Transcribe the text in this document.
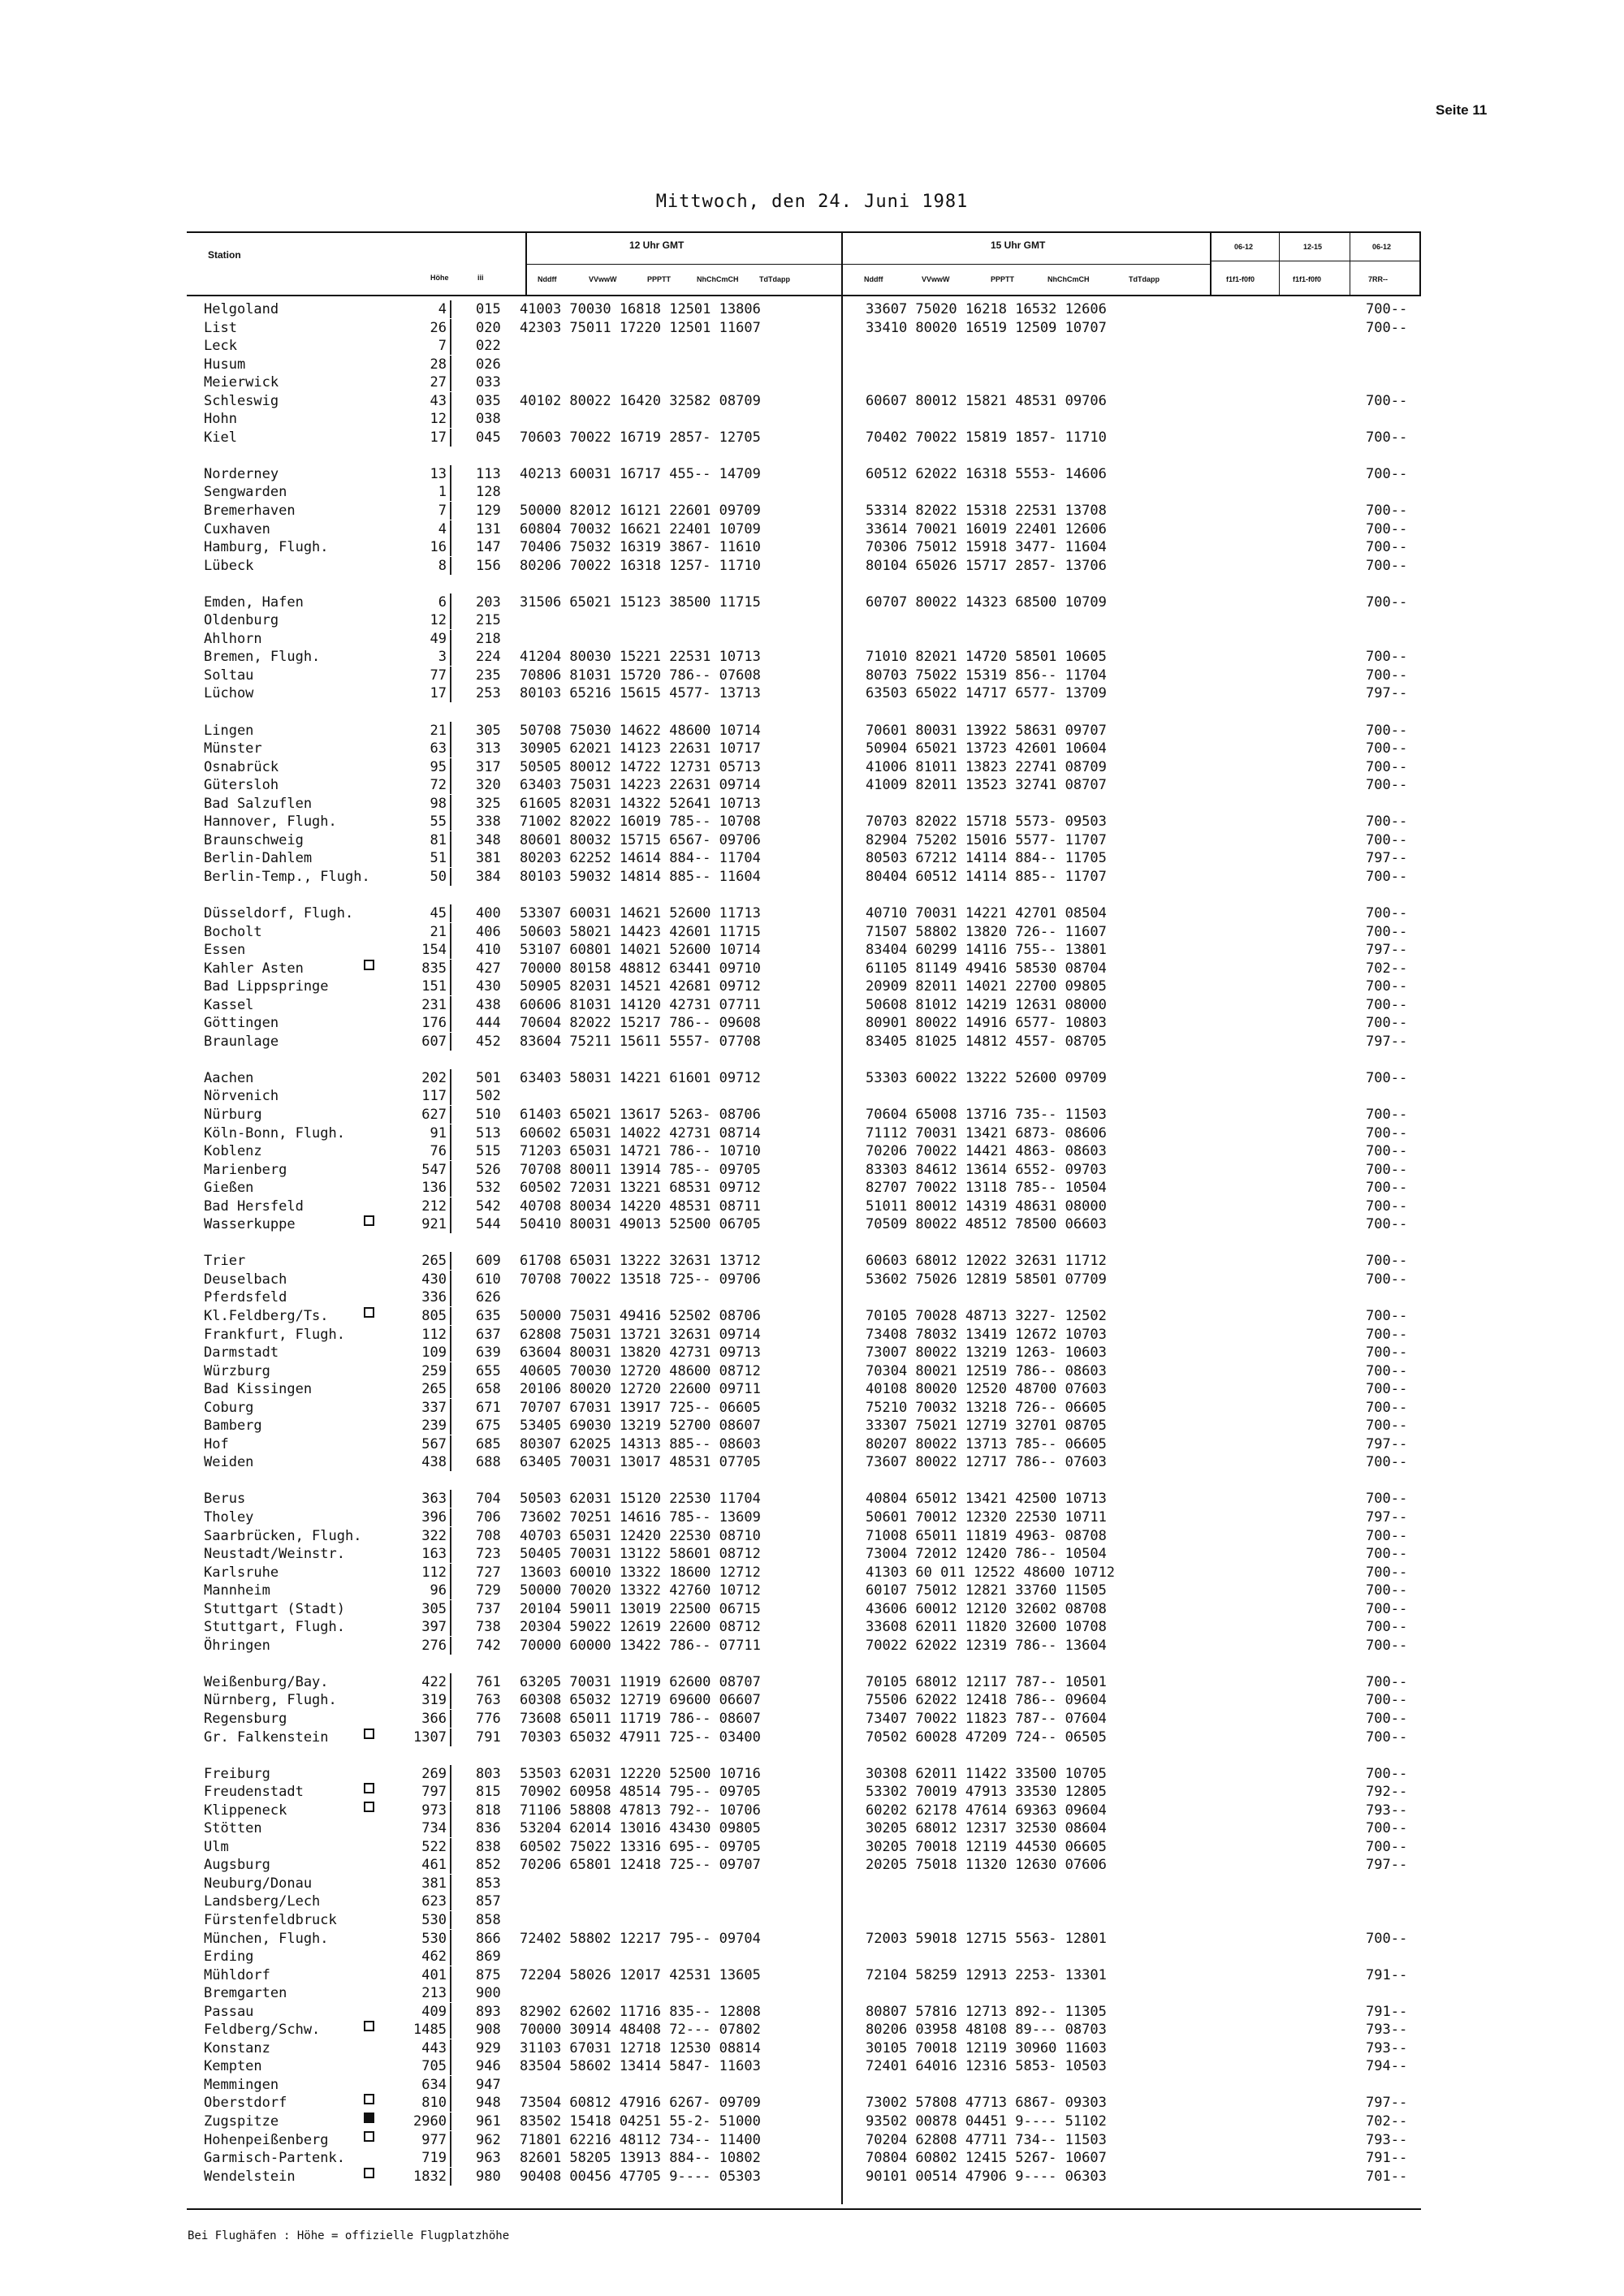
Seite 11
Mittwoch, den 24. Juni 1981
Station
Höhe	iii
12 Uhr GMT	15 Uhr GMT
Nddff	VVwwW	PPPTT	NhChCmCH	TdTdapp	Nddff	VVwwW	PPPTT	NhChCmCH	TdTdapp
06-12	12-15	06-12
f1f1-f0f0	f1f1-f0f0	7RR--
Helgoland	4 015 41003 70030 16818 12501 13806	33607 75020 16218 16532 12606	700--
List	26 020 42303 75011 17220 12501 11607	33410 80020 16519 12509 10707	700--
Leck	7 022
Husum	28 026
Meierwick	27 033
Schleswig	43 035 40102 80022 16420 32582 08709	60607 80012 15821 48531 09706	700--
Hohn	12 038
Kiel	17 045 70603 70022 16719 2857- 12705	70402 70022 15819 1857- 11710	700--
Norderney	13 113 40213 60031 16717 455-- 14709	60512 62022 16318 5553- 14606	700--
Sengwarden	1 128
Bremerhaven	7 129 50000 82012 16121 22601 09709	53314 82022 15318 22531 13708	700--
Cuxhaven	4 131 60804 70032 16621 22401 10709	33614 70021 16019 22401 12606	700--
Hamburg, Flugh.	16 147 70406 75032 16319 3867- 11610	70306 75012 15918 3477- 11604	700--
Lübeck	8 156 80206 70022 16318 1257- 11710	80104 65026 15717 2857- 13706	700--
Emden, Hafen	6 203 31506 65021 15123 38500 11715	60707 80022 14323 68500 10709	700--
Oldenburg	12 215
Ahlhorn	49 218
Bremen, Flugh.	3 224 41204 80030 15221 22531 10713	71010 82021 14720 58501 10605	700--
Soltau	77 235 70806 81031 15720 786-- 07608	80703 75022 15319 856-- 11704	700--
Lüchow	17 253 80103 65216 15615 4577- 13713	63503 65022 14717 6577- 13709	797--
Lingen	21 305 50708 75030 14622 48600 10714	70601 80031 13922 58631 09707	700--
Münster	63 313 30905 62021 14123 22631 10717	50904 65021 13723 42601 10604	700--
Osnabrück	95 317 50505 80012 14722 12731 05713	41006 81011 13823 22741 08709	700--
Gütersloh	72 320 63403 75031 14223 22631 09714	41009 82011 13523 32741 08707	700--
Bad Salzuflen	98 325 61605 82031 14322 52641 10713
Hannover, Flugh.	55 338 71002 82022 16019 785-- 10708	70703 82022 15718 5573- 09503	700--
Braunschweig	81 348 80601 80032 15715 6567- 09706	82904 75202 15016 5577- 11707	700--
Berlin-Dahlem	51 381 80203 62252 14614 884-- 11704	80503 67212 14114 884-- 11705	797--
Berlin-Temp., Flugh.	50 384 80103 59032 14814 885-- 11604	80404 60512 14114 885-- 11707	700--
Düsseldorf, Flugh.	45 400 53307 60031 14621 52600 11713	40710 70031 14221 42701 08504	700--
Bocholt	21 406 50603 58021 14423 42601 11715	71507 58802 13820 726-- 11607	700--
Essen	154 410 53107 60801 14021 52600 10714	83404 60299 14116 755-- 13801	797--
Kahler Asten	835 427 70000 80158 48812 63441 09710	61105 81149 49416 58530 08704	702--
Bad Lippspringe	151 430 50905 82031 14521 42681 09712	20909 82011 14021 22700 09805	700--
Kassel	231 438 60606 81031 14120 42731 07711	50608 81012 14219 12631 08000	700--
Göttingen	176 444 70604 82022 15217 786-- 09608	80901 80022 14916 6577- 10803	700--
Braunlage	607 452 83604 75211 15611 5557- 07708	83405 81025 14812 4557- 08705	797--
Aachen	202 501 63403 58031 14221 61601 09712	53303 60022 13222 52600 09709	700--
Nörvenich	117 502
Nürburg	627 510 61403 65021 13617 5263- 08706	70604 65008 13716 735-- 11503	700--
Köln-Bonn, Flugh.	91 513 60602 65031 14022 42731 08714	71112 70031 13421 6873- 08606	700--
Koblenz	76 515 71203 65031 14721 786-- 10710	70206 70022 14421 4863- 08603	700--
Marienberg	547 526 70708 80011 13914 785-- 09705	83303 84612 13614 6552- 09703	700--
Gießen	136 532 60502 72031 13221 68531 09712	82707 70022 13118 785-- 10504	700--
Bad Hersfeld	212 542 40708 80034 14220 48531 08711	51011 80012 14319 48631 08000	700--
Wasserkuppe	921 544 50410 80031 49013 52500 06705	70509 80022 48512 78500 06603	700--
Trier	265 609 61708 65031 13222 32631 13712	60603 68012 12022 32631 11712	700--
Deuselbach	430 610 70708 70022 13518 725-- 09706	53602 75026 12819 58501 07709	700--
Pferdsfeld	336 626
Kl.Feldberg/Ts.	805 635 50000 75031 49416 52502 08706	70105 70028 48713 3227- 12502	700--
Frankfurt, Flugh.	112 637 62808 75031 13721 32631 09714	73408 78032 13419 12672 10703	700--
Darmstadt	109 639 63604 80031 13820 42731 09713	73007 80022 13219 1263- 10603	700--
Würzburg	259 655 40605 70030 12720 48600 08712	70304 80021 12519 786-- 08603	700--
Bad Kissingen	265 658 20106 80020 12720 22600 09711	40108 80020 12520 48700 07603	700--
Coburg	337 671 70707 67031 13917 725-- 06605	75210 70032 13218 726-- 06605	700--
Bamberg	239 675 53405 69030 13219 52700 08607	33307 75021 12719 32701 08705	700--
Hof	567 685 80307 62025 14313 885-- 08603	80207 80022 13713 785-- 06605	797--
Weiden	438 688 63405 70031 13017 48531 07705	73607 80022 12717 786-- 07603	700--
Berus	363 704 50503 62031 15120 22530 11704	40804 65012 13421 42500 10713	700--
Tholey	396 706 73602 70251 14616 785-- 13609	50601 70012 12320 22530 10711	797--
Saarbrücken, Flugh.	322 708 40703 65031 12420 22530 08710	71008 65011 11819 4963- 08708	700--
Neustadt/Weinstr.	163 723 50405 70031 13122 58601 08712	73004 72012 12420 786-- 10504	700--
Karlsruhe	112 727 13603 60010 13322 18600 12712	41303 60 011 12522 48600 10712	700--
Mannheim	96 729 50000 70020 13322 42760 10712	60107 75012 12821 33760 11505	700--
Stuttgart (Stadt)	305 737 20104 59011 13019 22500 06715	43606 60012 12120 32602 08708	700--
Stuttgart, Flugh.	397 738 20304 59022 12619 22600 08712	33608 62011 11820 32600 10708	700--
Öhringen	276 742 70000 60000 13422 786-- 07711	70022 62022 12319 786-- 13604	700--
Weißenburg/Bay.	422 761 63205 70031 11919 62600 08707	70105 68012 12117 787-- 10501	700--
Nürnberg, Flugh.	319 763 60308 65032 12719 69600 06607	75506 62022 12418 786-- 09604	700--
Regensburg	366 776 73608 65011 11719 786-- 08607	73407 70022 11823 787-- 07604	700--
Gr. Falkenstein	1307 791 70303 65032 47911 725-- 03400	70502 60028 47209 724-- 06505	700--
Freiburg	269 803 53503 62031 12220 52500 10716	30308 62011 11422 33500 10705	700--
Freudenstadt	797 815 70902 60958 48514 795-- 09705	53302 70019 47913 33530 12805	792--
Klippeneck	973 818 71106 58808 47813 792-- 10706	60202 62178 47614 69363 09604	793--
Stötten	734 836 53204 62014 13016 43430 09805	30205 68012 12317 32530 08604	700--
Ulm	522 838 60502 75022 13316 695-- 09705	30205 70018 12119 44530 06605	700--
Augsburg	461 852 70206 65801 12418 725-- 09707	20205 75018 11320 12630 07606	797--
Neuburg/Donau	381 853
Landsberg/Lech	623 857
Fürstenfeldbruck	530 858
München, Flugh.	530 866 72402 58802 12217 795-- 09704	72003 59018 12715 5563- 12801	700--
Erding	462 869
Mühldorf	401 875 72204 58026 12017 42531 13605	72104 58259 12913 2253- 13301	791--
Bremgarten	213 900
Passau	409 893 82902 62602 11716 835-- 12808	80807 57816 12713 892-- 11305	791--
Feldberg/Schw.	1485 908 70000 30914 48408 72--- 07802	80206 03958 48108 89--- 08703	793--
Konstanz	443 929 31103 67031 12718 12530 08814	30105 70018 12119 30960 11603	793--
Kempten	705 946 83504 58602 13414 5847- 11603	72401 64016 12316 5853- 10503	794--
Memmingen	634 947
Oberstdorf	810 948 73504 60812 47916 6267- 09709	73002 57808 47713 6867- 09303	797--
Zugspitze	2960 961 83502 15418 04251 55-2- 51000	93502 00878 04451 9---- 51102	702--
Hohenpeißenberg	977 962 71801 62216 48112 734-- 11400	70204 62808 47711 734-- 11503	793--
Garmisch-Partenk.	719 963 82601 58205 13913 884-- 10802	70804 60802 12415 5267- 10607	791--
Wendelstein	1832 980 90408 00456 47705 9---- 05303	90101 00514 47906 9---- 06303	701--
Bei Flughäfen : Höhe = offizielle Flugplatzhöhe
